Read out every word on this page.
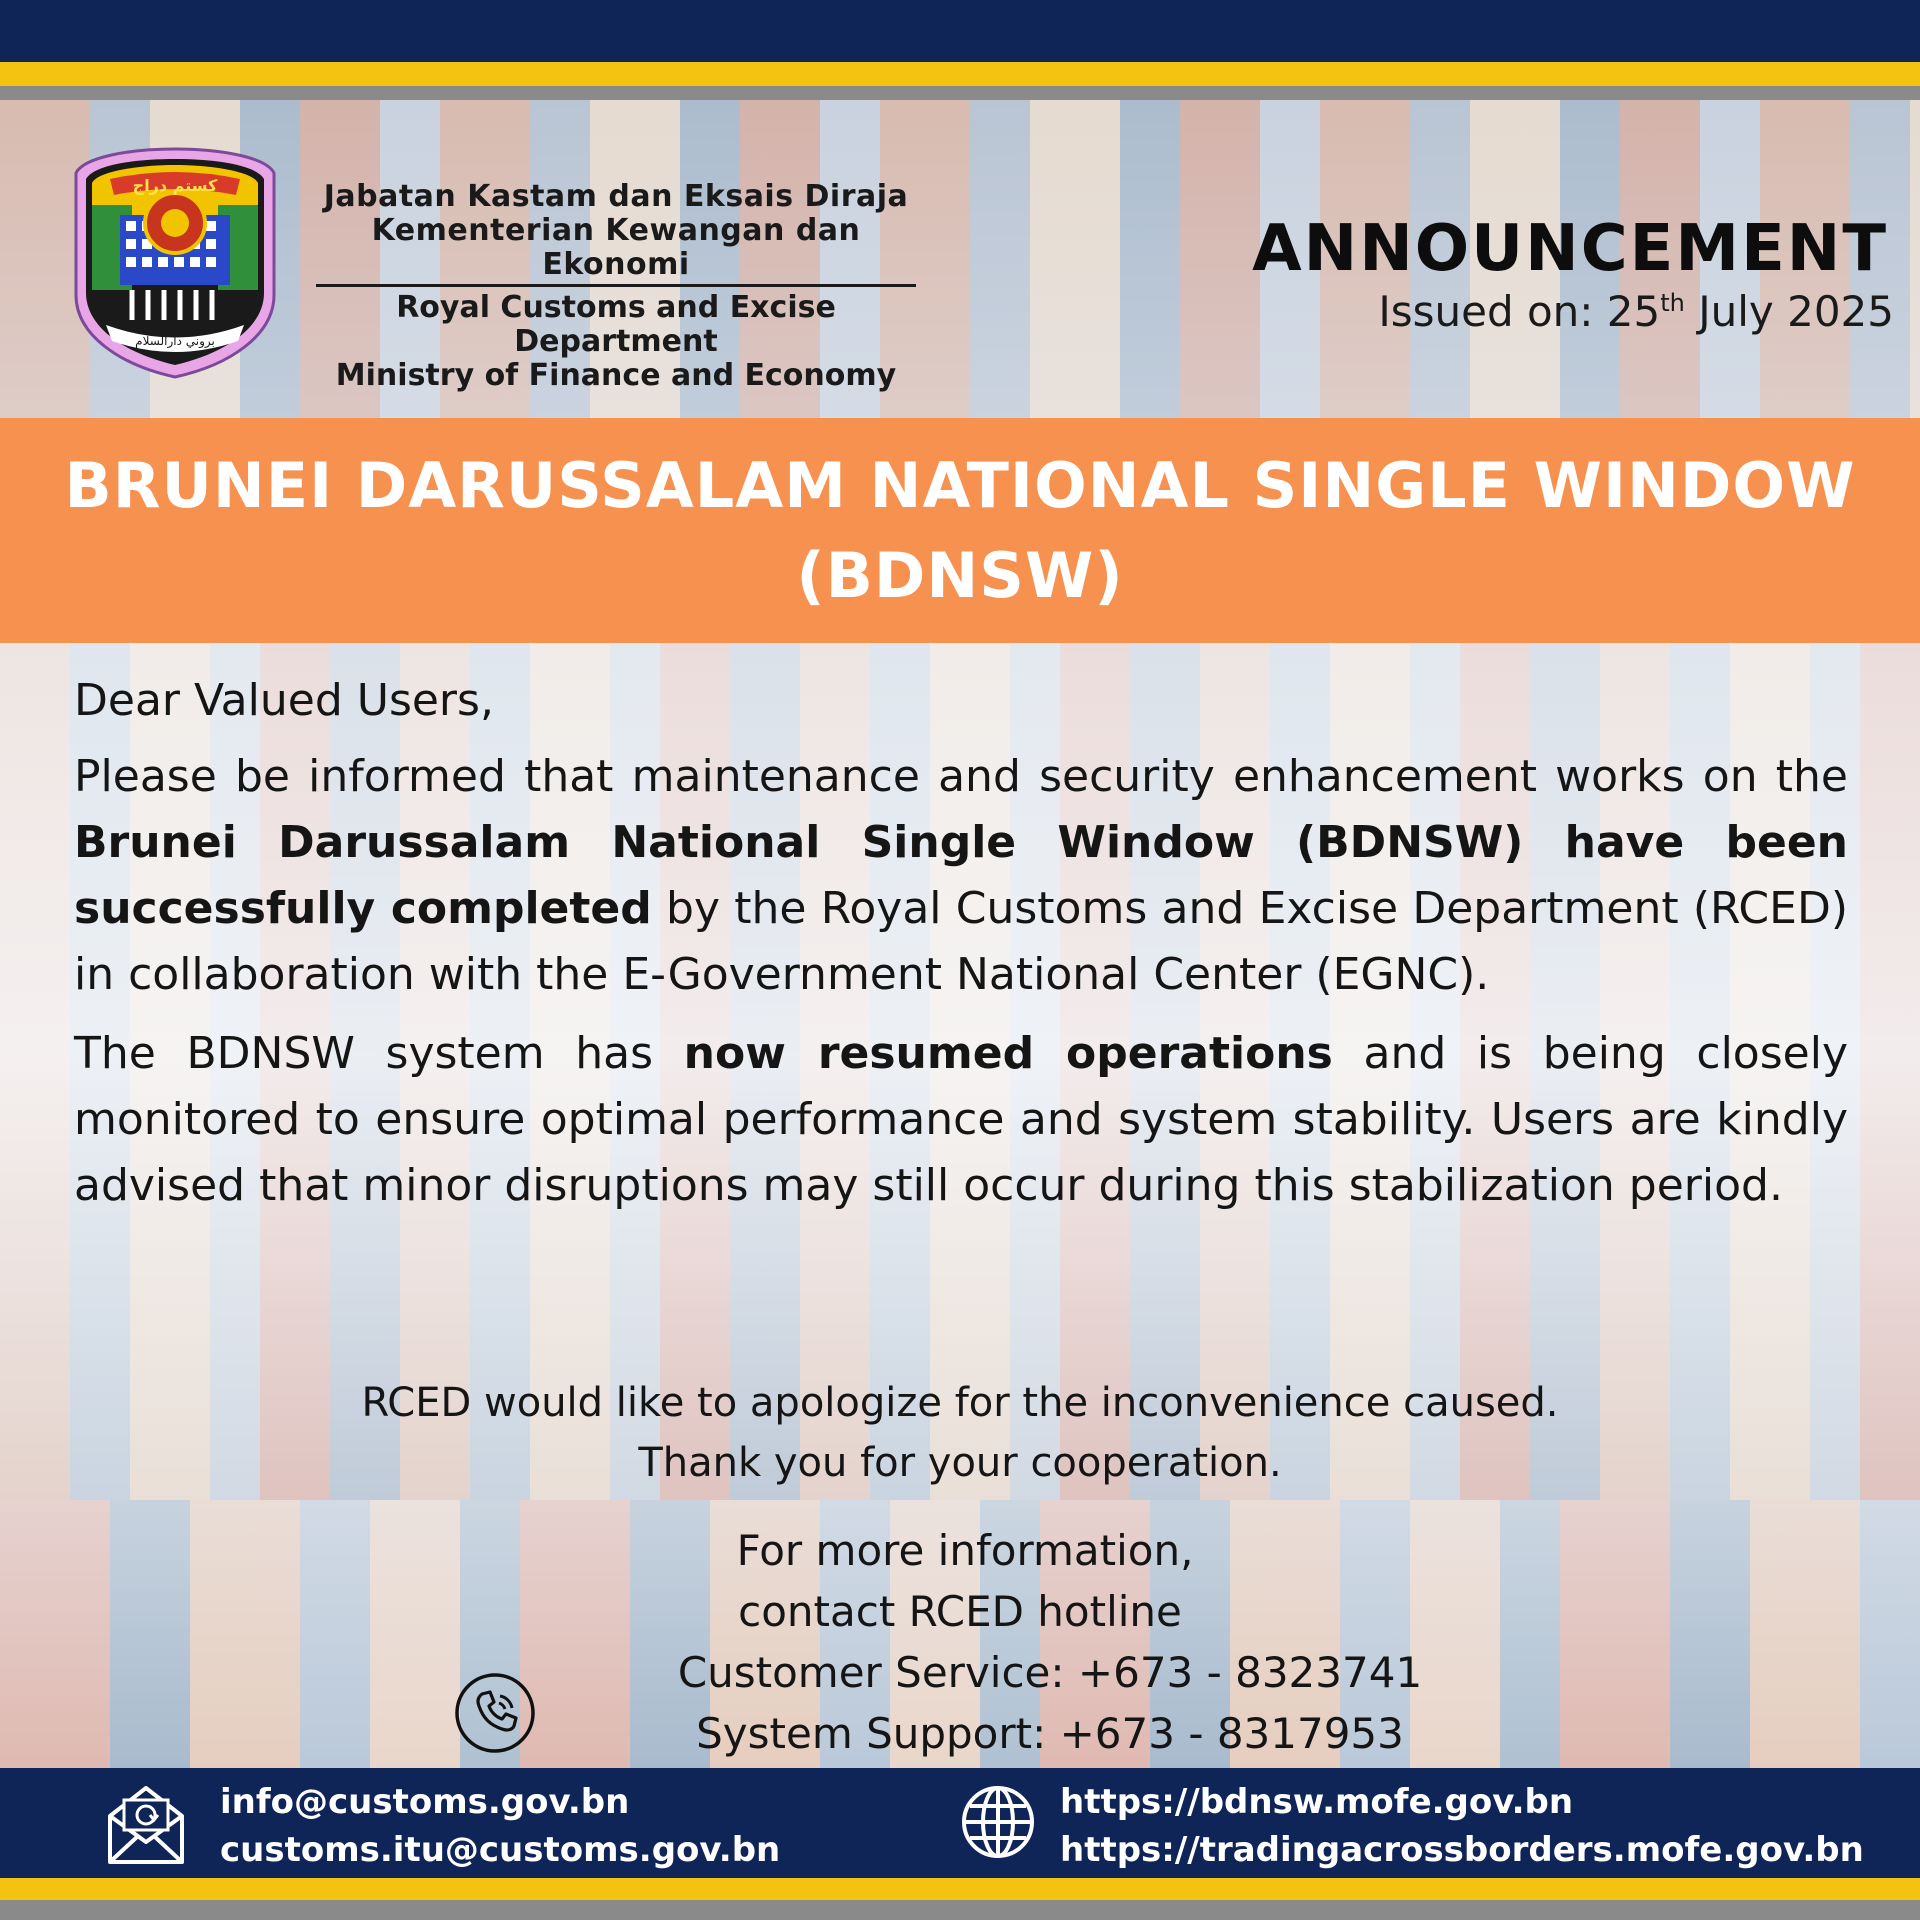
كستم دراج
بروني دارالسلام
Jabatan Kastam dan Eksais Diraja
Kementerian Kewangan dan Ekonomi
Royal Customs and Excise Department
Ministry of Finance and Economy
ANNOUNCEMENT
Issued on: 25th July 2025
BRUNEI DARUSSALAM NATIONAL SINGLE WINDOW
(BDNSW)

Dear Valued Users,

Please be informed that maintenance and security enhancement works on the Brunei Darussalam National Single Window (BDNSW) have been successfully completed by the Royal Customs and Excise Department (RCED) in collaboration with the E-Government National Center (EGNC).

The BDNSW system has now resumed operations and is being closely monitored to ensure optimal performance and system stability. Users are kindly advised that minor disruptions may still occur during this stabilization period.

RCED would like to apologize for the inconvenience caused.
Thank you for your cooperation.
For more information,
contact RCED hotline
Customer Service: +673 - 8323741
System Support: +673 - 8317953
info@customs.gov.bn
customs.itu@customs.gov.bn
https://bdnsw.mofe.gov.bn
https://tradingacrossborders.mofe.gov.bn
